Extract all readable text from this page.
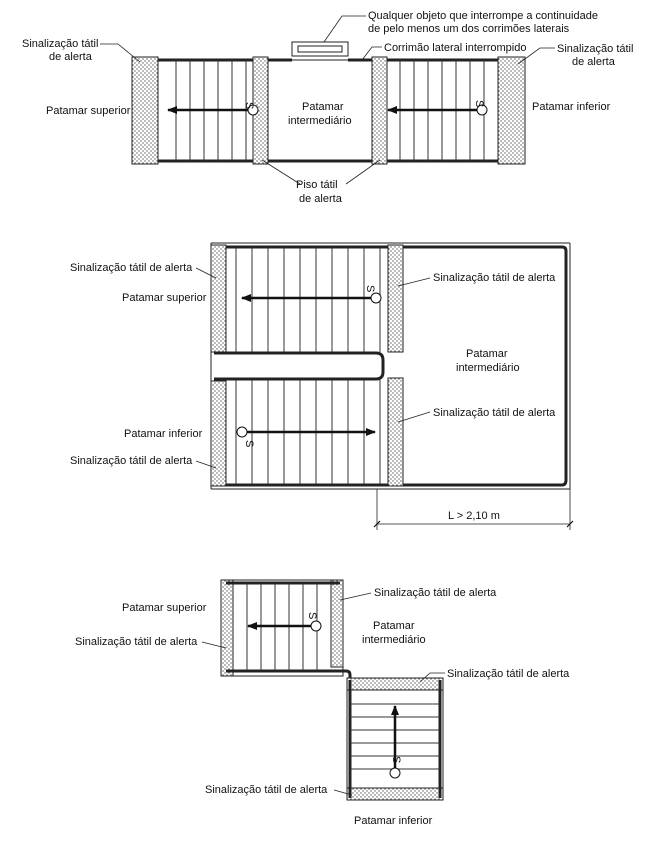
S	S
Qualquer objeto que interrompe a continuidade
de pelo menos um dos corrimões laterais
Sinalização tátil
de alerta
Sinalização tátil
de alerta
Corrimão lateral interrompido
Patamar superior	Patamar
intermediário
Patamar inferior
Piso tátil
de alerta
S
S
Sinalização tátil de alerta
Patamar superior
Sinalização tátil de alerta
Patamar
intermediário
Sinalização tátil de alerta
Patamar inferior
Sinalização tátil de alerta
L > 2,10 m
S
S
Patamar superior
Sinalização tátil de alerta
Patamar
intermediário
Sinalização tátil de alerta
Sinalização tátil de alerta
Sinalização tátil de alerta
Patamar inferior
